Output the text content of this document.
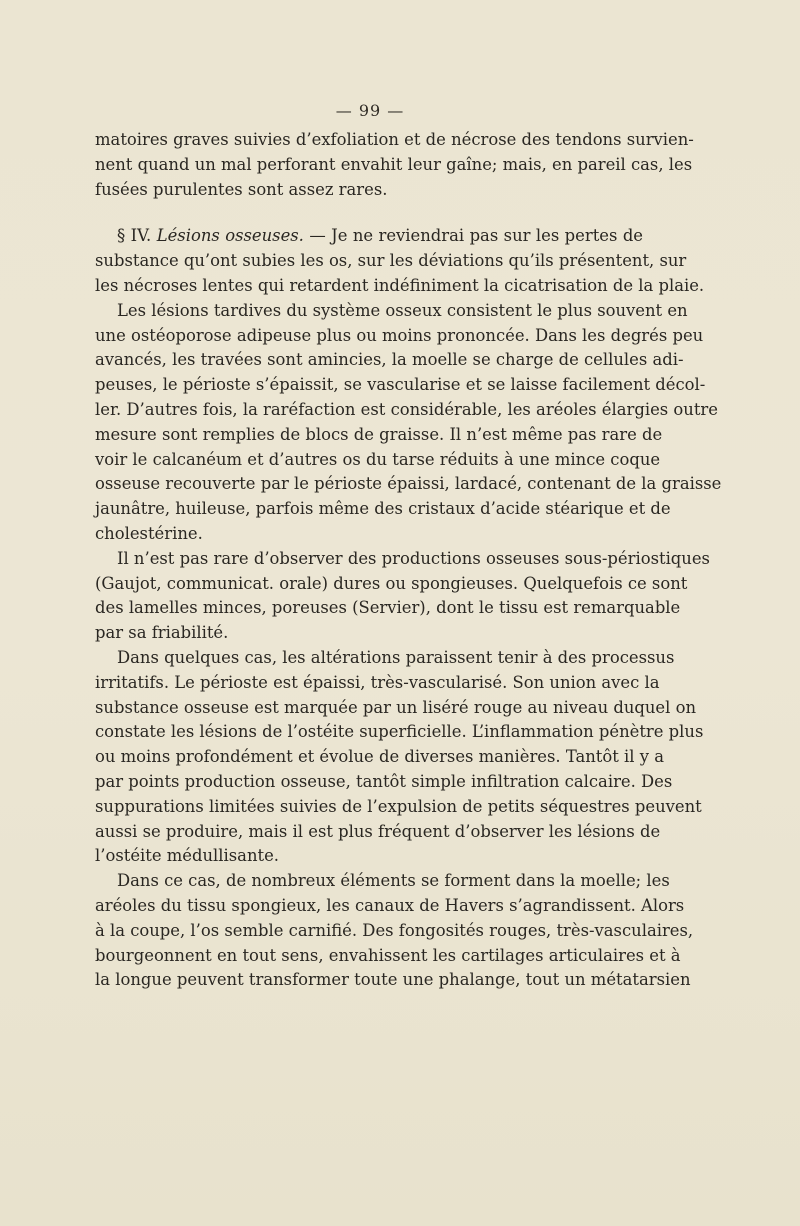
— 99 —
matoires graves suivies d’exfoliation et de nécrose des tendons survien-
nent quand un mal perforant envahit leur gaîne; mais, en pareil cas, les
fusées purulentes sont assez rares.
§ IV. Lésions osseuses. — Je ne reviendrai pas sur les pertes de
substance qu’ont subies les os, sur les déviations qu’ils présentent, sur
les nécroses lentes qui retardent indéfiniment la cicatrisation de la plaie.
Les lésions tardives du système osseux consistent le plus souvent en
une ostéoporose adipeuse plus ou moins prononcée. Dans les degrés peu
avancés, les travées sont amincies, la moelle se charge de cellules adi-
peuses, le périoste s’épaissit, se vascularise et se laisse facilement décol-
ler. D’autres fois, la raréfaction est considérable, les aréoles élargies outre
mesure sont remplies de blocs de graisse. Il n’est même pas rare de
voir le calcanéum et d’autres os du tarse réduits à une mince coque
osseuse recouverte par le périoste épaissi, lardacé, contenant de la graisse
jaunâtre, huileuse, parfois même des cristaux d’acide stéarique et de
cholestérine.
Il n’est pas rare d’observer des productions osseuses sous-périostiques
(Gaujot, communicat. orale) dures ou spongieuses. Quelquefois ce sont
des lamelles minces, poreuses (Servier), dont le tissu est remarquable
par sa friabilité.
Dans quelques cas, les altérations paraissent tenir à des processus
irritatifs. Le périoste est épaissi, très-vascularisé. Son union avec la
substance osseuse est marquée par un liséré rouge au niveau duquel on
constate les lésions de l’ostéite superficielle. L’inflammation pénètre plus
ou moins profondément et évolue de diverses manières. Tantôt il y a
par points production osseuse, tantôt simple infiltration calcaire. Des
suppurations limitées suivies de l’expulsion de petits séquestres peuvent
aussi se produire, mais il est plus fréquent d’observer les lésions de
l’ostéite médullisante.
Dans ce cas, de nombreux éléments se forment dans la moelle; les
aréoles du tissu spongieux, les canaux de Havers s’agrandissent. Alors
à la coupe, l’os semble carnifié. Des fongosités rouges, très-vasculaires,
bourgeonnent en tout sens, envahissent les cartilages articulaires et à
la longue peuvent transformer toute une phalange, tout un métatarsien
